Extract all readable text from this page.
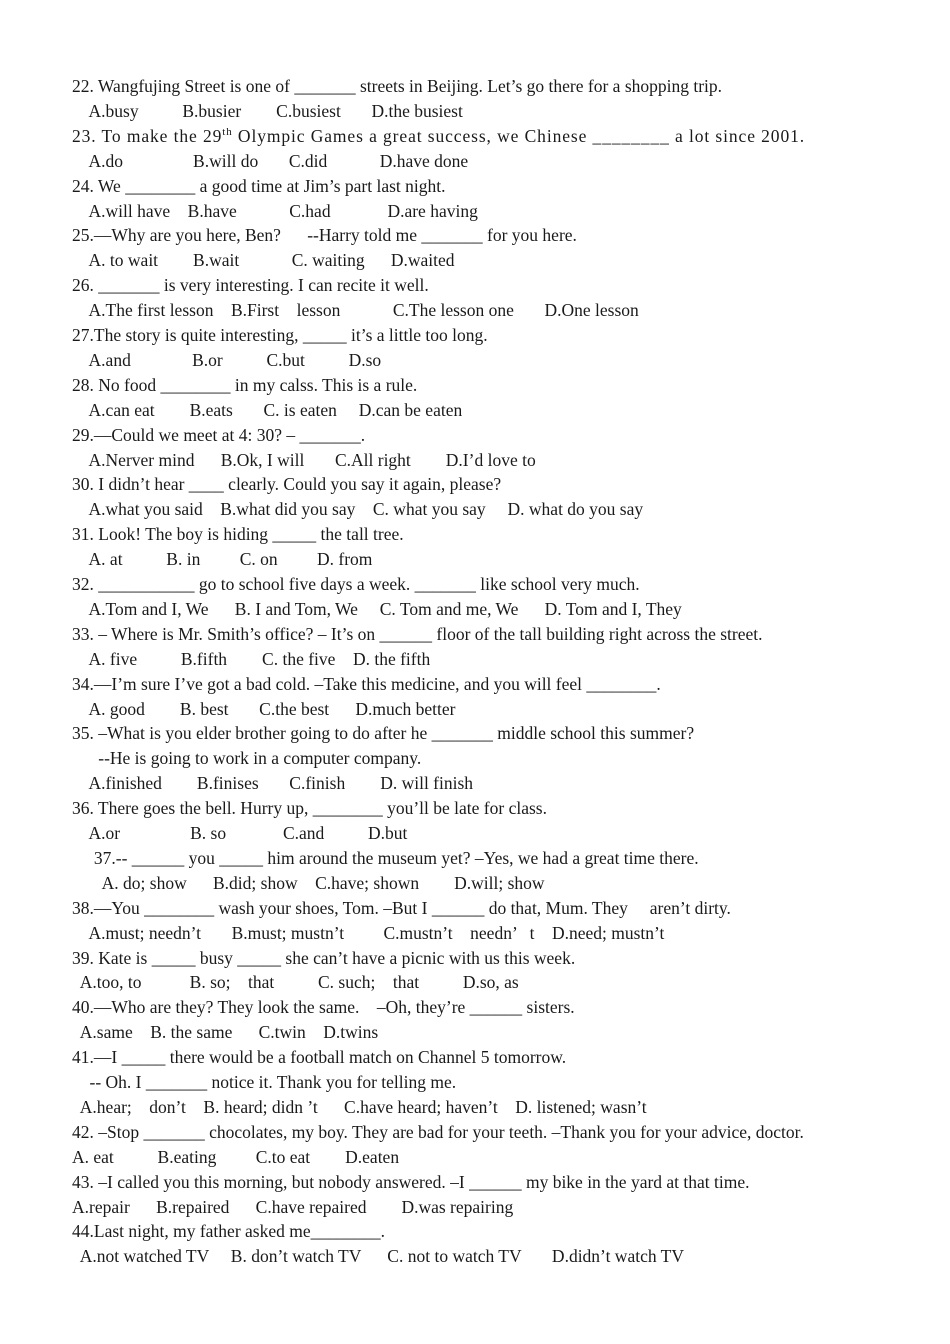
22. Wangfujing Street is one of _______ streets in Beijing. Let’s go there for a shopping trip.
A.busy          B.busier        C.busiest       D.the busiest
23. To make the 29th Olympic Games a great success, we Chinese ________ a lot since 2001.
A.do                B.will do       C.did            D.have done
24. We ________ a good time at Jim’s part last night.
A.will have    B.have            C.had             D.are having
25.—Why are you here, Ben?      --Harry told me _______ for you here.
A. to wait        B.wait            C. waiting      D.waited
26. _______ is very interesting. I can recite it well.
A.The first lesson    B.First    lesson            C.The lesson one       D.One lesson
27.The story is quite interesting, _____ it’s a little too long.
A.and              B.or          C.but          D.so
28. No food ________ in my calss. This is a rule.
A.can eat        B.eats       C. is eaten     D.can be eaten
29.—Could we meet at 4: 30? – _______.
A.Nerver mind      B.Ok, I will       C.All right        D.I’d love to
30. I didn’t hear ____ clearly. Could you say it again, please?
A.what you said    B.what did you say    C. what you say     D. what do you say
31. Look! The boy is hiding _____ the tall tree.
A. at          B. in         C. on         D. from
32. ___________ go to school five days a week. _______ like school very much.
A.Tom and I, We      B. I and Tom, We     C. Tom and me, We      D. Tom and I, They
33. – Where is Mr. Smith’s office? – It’s on ______ floor of the tall building right across the street.
A. five          B.fifth        C. the five    D. the fifth
34.—I’m sure I’ve got a bad cold. –Take this medicine, and you will feel ________.
A. good        B. best       C.the best      D.much better
35. –What is you elder brother going to do after he _______ middle school this summer?
--He is going to work in a computer company.
A.finished        B.finises       C.finish        D. will finish
36. There goes the bell. Hurry up, ________ you’ll be late for class.
A.or                B. so             C.and          D.but
37.-- ______ you _____ him around the museum yet? –Yes, we had a great time there.
A. do; show      B.did; show    C.have; shown        D.will; show
38.—You ________ wash your shoes, Tom. –But I ______ do that, Mum. They     aren’t dirty.
A.must; needn’t       B.must; mustn’t         C.mustn’t    needn’   t    D.need; mustn’t
39. Kate is _____ busy _____ she can’t have a picnic with us this week.
A.too, to           B. so;    that          C. such;    that          D.so, as
40.—Who are they? They look the same.    –Oh, they’re ______ sisters.
A.same    B. the same      C.twin    D.twins
41.—I _____ there would be a football match on Channel 5 tomorrow.
-- Oh. I _______ notice it. Thank you for telling me.
A.hear;    don’t    B. heard; didn ’t      C.have heard; haven’t    D. listened; wasn’t
42. –Stop _______ chocolates, my boy. They are bad for your teeth. –Thank you for your advice, doctor.
A. eat          B.eating         C.to eat        D.eaten
43. –I called you this morning, but nobody answered. –I ______ my bike in the yard at that time.
A.repair      B.repaired      C.have repaired        D.was repairing
44.Last night, my father asked me________.
A.not watched TV     B. don’t watch TV      C. not to watch TV       D.didn’t watch TV
